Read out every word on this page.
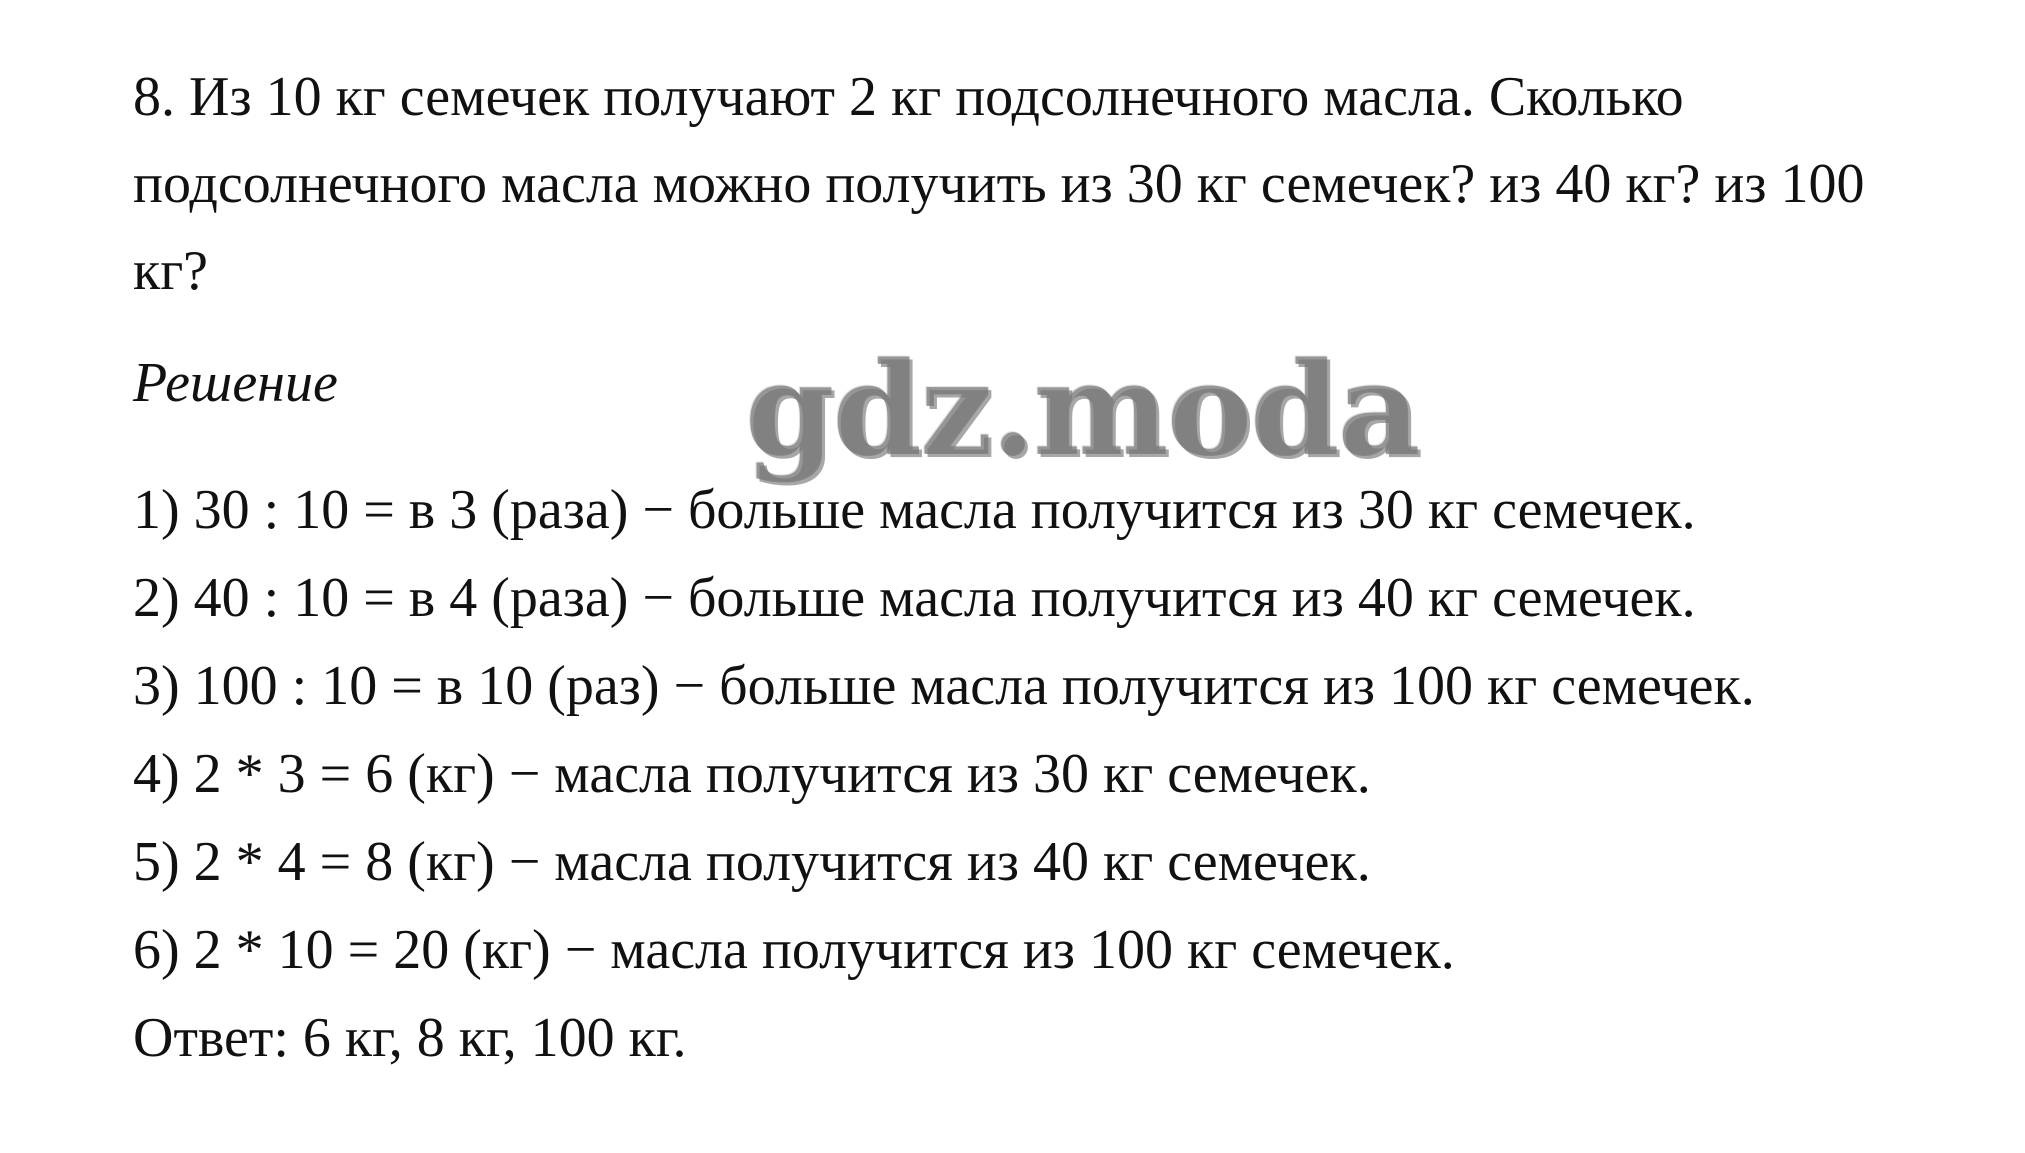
8. Из 10 кг семечек получают 2 кг подсолнечного масла. Сколько подсолнечного масла можно получить из 30 кг семечек? из 40 кг? из 100 кг?

Решение

1) 30 : 10 = в 3 (раза) − больше масла получится из 30 кг семечек.
2) 40 : 10 = в 4 (раза) − больше масла получится из 40 кг семечек.
3) 100 : 10 = в 10 (раз) − больше масла получится из 100 кг семечек.
4) 2 * 3 = 6 (кг) − масла получится из 30 кг семечек.
5) 2 * 4 = 8 (кг) − масла получится из 40 кг семечек.
6) 2 * 10 = 20 (кг) − масла получится из 100 кг семечек.

Ответ: 6 кг, 8 кг, 100 кг.

gdz.moda
